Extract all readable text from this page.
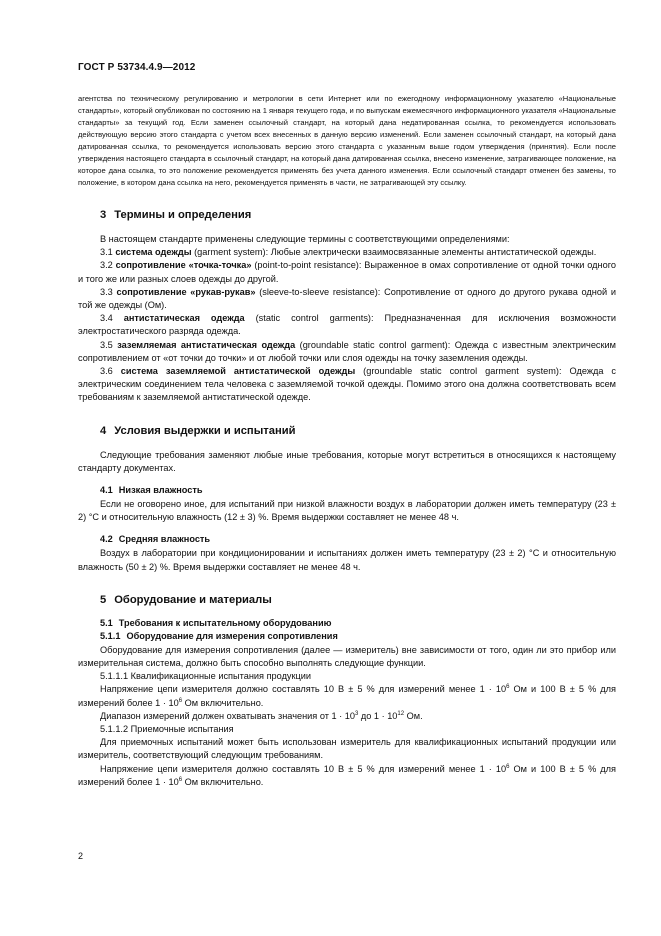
ГОСТ Р 53734.4.9—2012

агентства по техническому регулированию и метрологии в сети Интернет или по ежегодному информационному указателю «Национальные стандарты», который опубликован по состоянию на 1 января текущего года, и по выпускам ежемесячного информационного указателя «Национальные стандарты» за текущий год. Если заменен ссылочный стандарт, на который дана недатированная ссылка, то рекомендуется использовать действующую версию этого стандарта с учетом всех внесенных в данную версию изменений. Если заменен ссылочный стандарт, на который дана датированная ссылка, то рекомендуется использовать версию этого стандарта с указанным выше годом утверждения (принятия). Если после утверждения настоящего стандарта в ссылочный стандарт, на который дана датированная ссылка, внесено изменение, затрагивающее положение, на которое дана ссылка, то это положение рекомендуется применять без учета данного изменения. Если ссылочный стандарт отменен без замены, то положение, в котором дана ссылка на него, рекомендуется применять в части, не затрагивающей эту ссылку.

3 Термины и определения

В настоящем стандарте применены следующие термины с соответствующими определениями:

3.1 система одежды (garment system): Любые электрически взаимосвязанные элементы антистатической одежды.

3.2 сопротивление «точка-точка» (point-to-point resistance): Выраженное в омах сопротивление от одной точки одного и того же или разных слоев одежды до другой.

3.3 сопротивление «рукав-рукав» (sleeve-to-sleeve resistance): Сопротивление от одного до другого рукава одной и той же одежды (Ом).

3.4 антистатическая одежда (static control garments): Предназначенная для исключения возможности электростатического разряда одежда.

3.5 заземляемая антистатическая одежда (groundable static control garment): Одежда с известным электрическим сопротивлением от «от точки до точки» и от любой точки или слоя одежды на точку заземления одежды.

3.6 система заземляемой антистатической одежды (groundable static control garment system): Одежда с электрическим соединением тела человека с заземляемой точкой одежды. Помимо этого она должна соответствовать всем требованиям к заземляемой антистатической одежде.

4 Условия выдержки и испытаний

Следующие требования заменяют любые иные требования, которые могут встретиться в относящихся к настоящему стандарту документах.

4.1 Низкая влажность

Если не оговорено иное, для испытаний при низкой влажности воздух в лаборатории должен иметь температуру (23 ± 2) °С и относительную влажность (12 ± 3) %. Время выдержки составляет не менее 48 ч.

4.2 Средняя влажность

Воздух в лаборатории при кондиционировании и испытаниях должен иметь температуру (23 ± 2) °С и относительную влажность (50 ± 2) %. Время выдержки составляет не менее 48 ч.

5 Оборудование и материалы
5.1 Требования к испытательному оборудованию
5.1.1 Оборудование для измерения сопротивления

Оборудование для измерения сопротивления (далее — измеритель) вне зависимости от того, один ли это прибор или измерительная система, должно быть способно выполнять следующие функции.

5.1.1.1 Квалификационные испытания продукции

Напряжение цепи измерителя должно составлять 10 В ± 5 % для измерений менее $1 \cdot 10^6$ Ом и 100 В ± 5 % для измерений более $1 \cdot 10^6$ Ом включительно.

Диапазон измерений должен охватывать значения от $1 \cdot 10^3$ до $1 \cdot 10^{12}$ Ом.

5.1.1.2 Приемочные испытания

Для приемочных испытаний может быть использован измеритель для квалификационных испытаний продукции или измеритель, соответствующий следующим требованиям.

Напряжение цепи измерителя должно составлять 10 В ± 5 % для измерений менее $1 \cdot 10^6$ Ом и 100 В ± 5 % для измерений более $1 \cdot 10^6$ Ом включительно.

2
